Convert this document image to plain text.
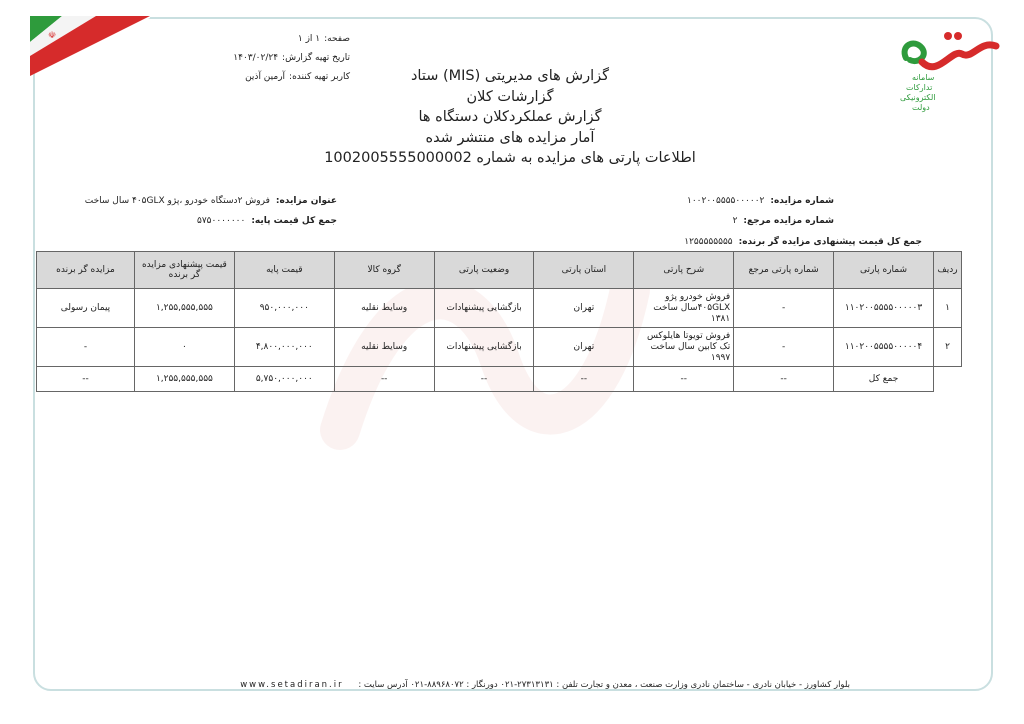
☫
سامانه
تدارکات
الکترونیکی
دولت
صفحه:۱ از ۱
تاریخ تهیه گزارش:۱۴۰۳/۰۲/۲۴
کاربر تهیه کننده:آرمین آذین	گزارش های مدیریتی (MIS) ستاد
گزارشات کلان
گزارش عملکردکلان دستگاه ها
آمار مزایده های منتشر شده
اطلاعات پارتی های مزایده به شماره 1002005555000002
شماره مزایده:۱۰۰۲۰۰۵۵۵۵۰۰۰۰۰۲
شماره مزایده مرجع:۲
جمع کل قیمت پیشنهادی مزایده گر برنده:۱۲۵۵۵۵۵۵۵۵
عنوان مزایده:فروش ۲دستگاه خودرو ،پژو ۴۰۵GLX سال ساخت
جمع کل قیمت پایه:۵۷۵۰۰۰۰۰۰۰
ردیف	شماره پارتی	شماره پارتی مرجع	شرح پارتی	استان پارتی	وضعیت پارتی	گروه کالا	قیمت پایه	قیمت پیشنهادی مزایده گر برنده	مزایده گر برنده
۱	۱۱۰۲۰۰۵۵۵۵۰۰۰۰۰۳	-	فروش خودرو پژو ۴۰۵GLXسال ساخت ۱۳۸۱	تهران	بازگشایی پیشنهادات	وسایط نقلیه	۹۵۰,۰۰۰,۰۰۰	۱,۲۵۵,۵۵۵,۵۵۵	پیمان رسولی
۲	۱۱۰۲۰۰۵۵۵۵۰۰۰۰۰۴	-	فروش تویوتا هایلوکس تک کابین سال ساخت ۱۹۹۷	تهران	بازگشایی پیشنهادات	وسایط نقلیه	۴,۸۰۰,۰۰۰,۰۰۰	۰	-
	جمع کل	--	--	--	--	--	۵,۷۵۰,۰۰۰,۰۰۰	۱,۲۵۵,۵۵۵,۵۵۵	--
بلوار کشاورز - خیابان نادری - ساختمان نادری وزارت صنعت ، معدن و تجارت تلفن : ۲۷۳۱۳۱۳۱-۰۲۱ دورنگار : ۸۸۹۶۸۰۷۲-۰۲۱ آدرس سایت : www.setadiran.ir
